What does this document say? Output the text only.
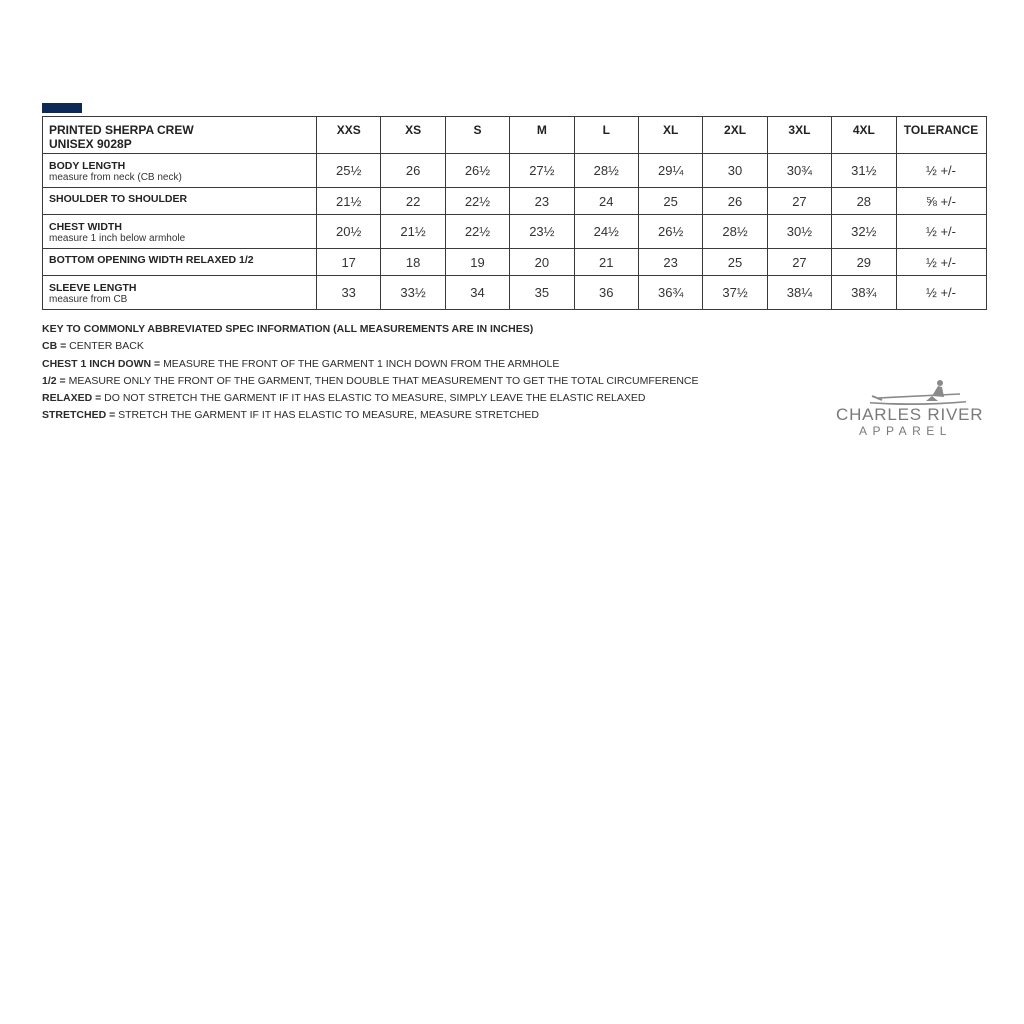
PRINTED SHERPA CREW
UNISEX 9028P	XXS	XS	S	M	L	XL	2XL	3XL	4XL	TOLERANCE

BODY LENGTH
measure from neck (CB neck)	25½	26	26½	27½	28½	29¼	30	30¾	31½	½ +/-

SHOULDER TO SHOULDER	21½	22	22½	23	24	25	26	27	28	⅝ +/-

CHEST WIDTH
measure 1 inch below armhole	20½	21½	22½	23½	24½	26½	28½	30½	32½	½ +/-

BOTTOM OPENING WIDTH RELAXED 1/2	17	18	19	20	21	23	25	27	29	½ +/-

SLEEVE LENGTH
measure from CB	33	33½	34	35	36	36¾	37½	38¼	38¾	½ +/-
KEY TO COMMONLY ABBREVIATED SPEC INFORMATION (ALL MEASUREMENTS ARE IN INCHES)
CB = CENTER BACK
CHEST 1 INCH DOWN = MEASURE THE FRONT OF THE GARMENT 1 INCH DOWN FROM THE ARMHOLE
1/2 = MEASURE ONLY THE FRONT OF THE GARMENT, THEN DOUBLE THAT MEASUREMENT TO GET THE TOTAL CIRCUMFERENCE
RELAXED = DO NOT STRETCH THE GARMENT IF IT HAS ELASTIC TO MEASURE, SIMPLY LEAVE THE ELASTIC RELAXED
STRETCHED = STRETCH THE GARMENT IF IT HAS ELASTIC TO MEASURE, MEASURE STRETCHED	CHARLES RIVER
APPAREL
